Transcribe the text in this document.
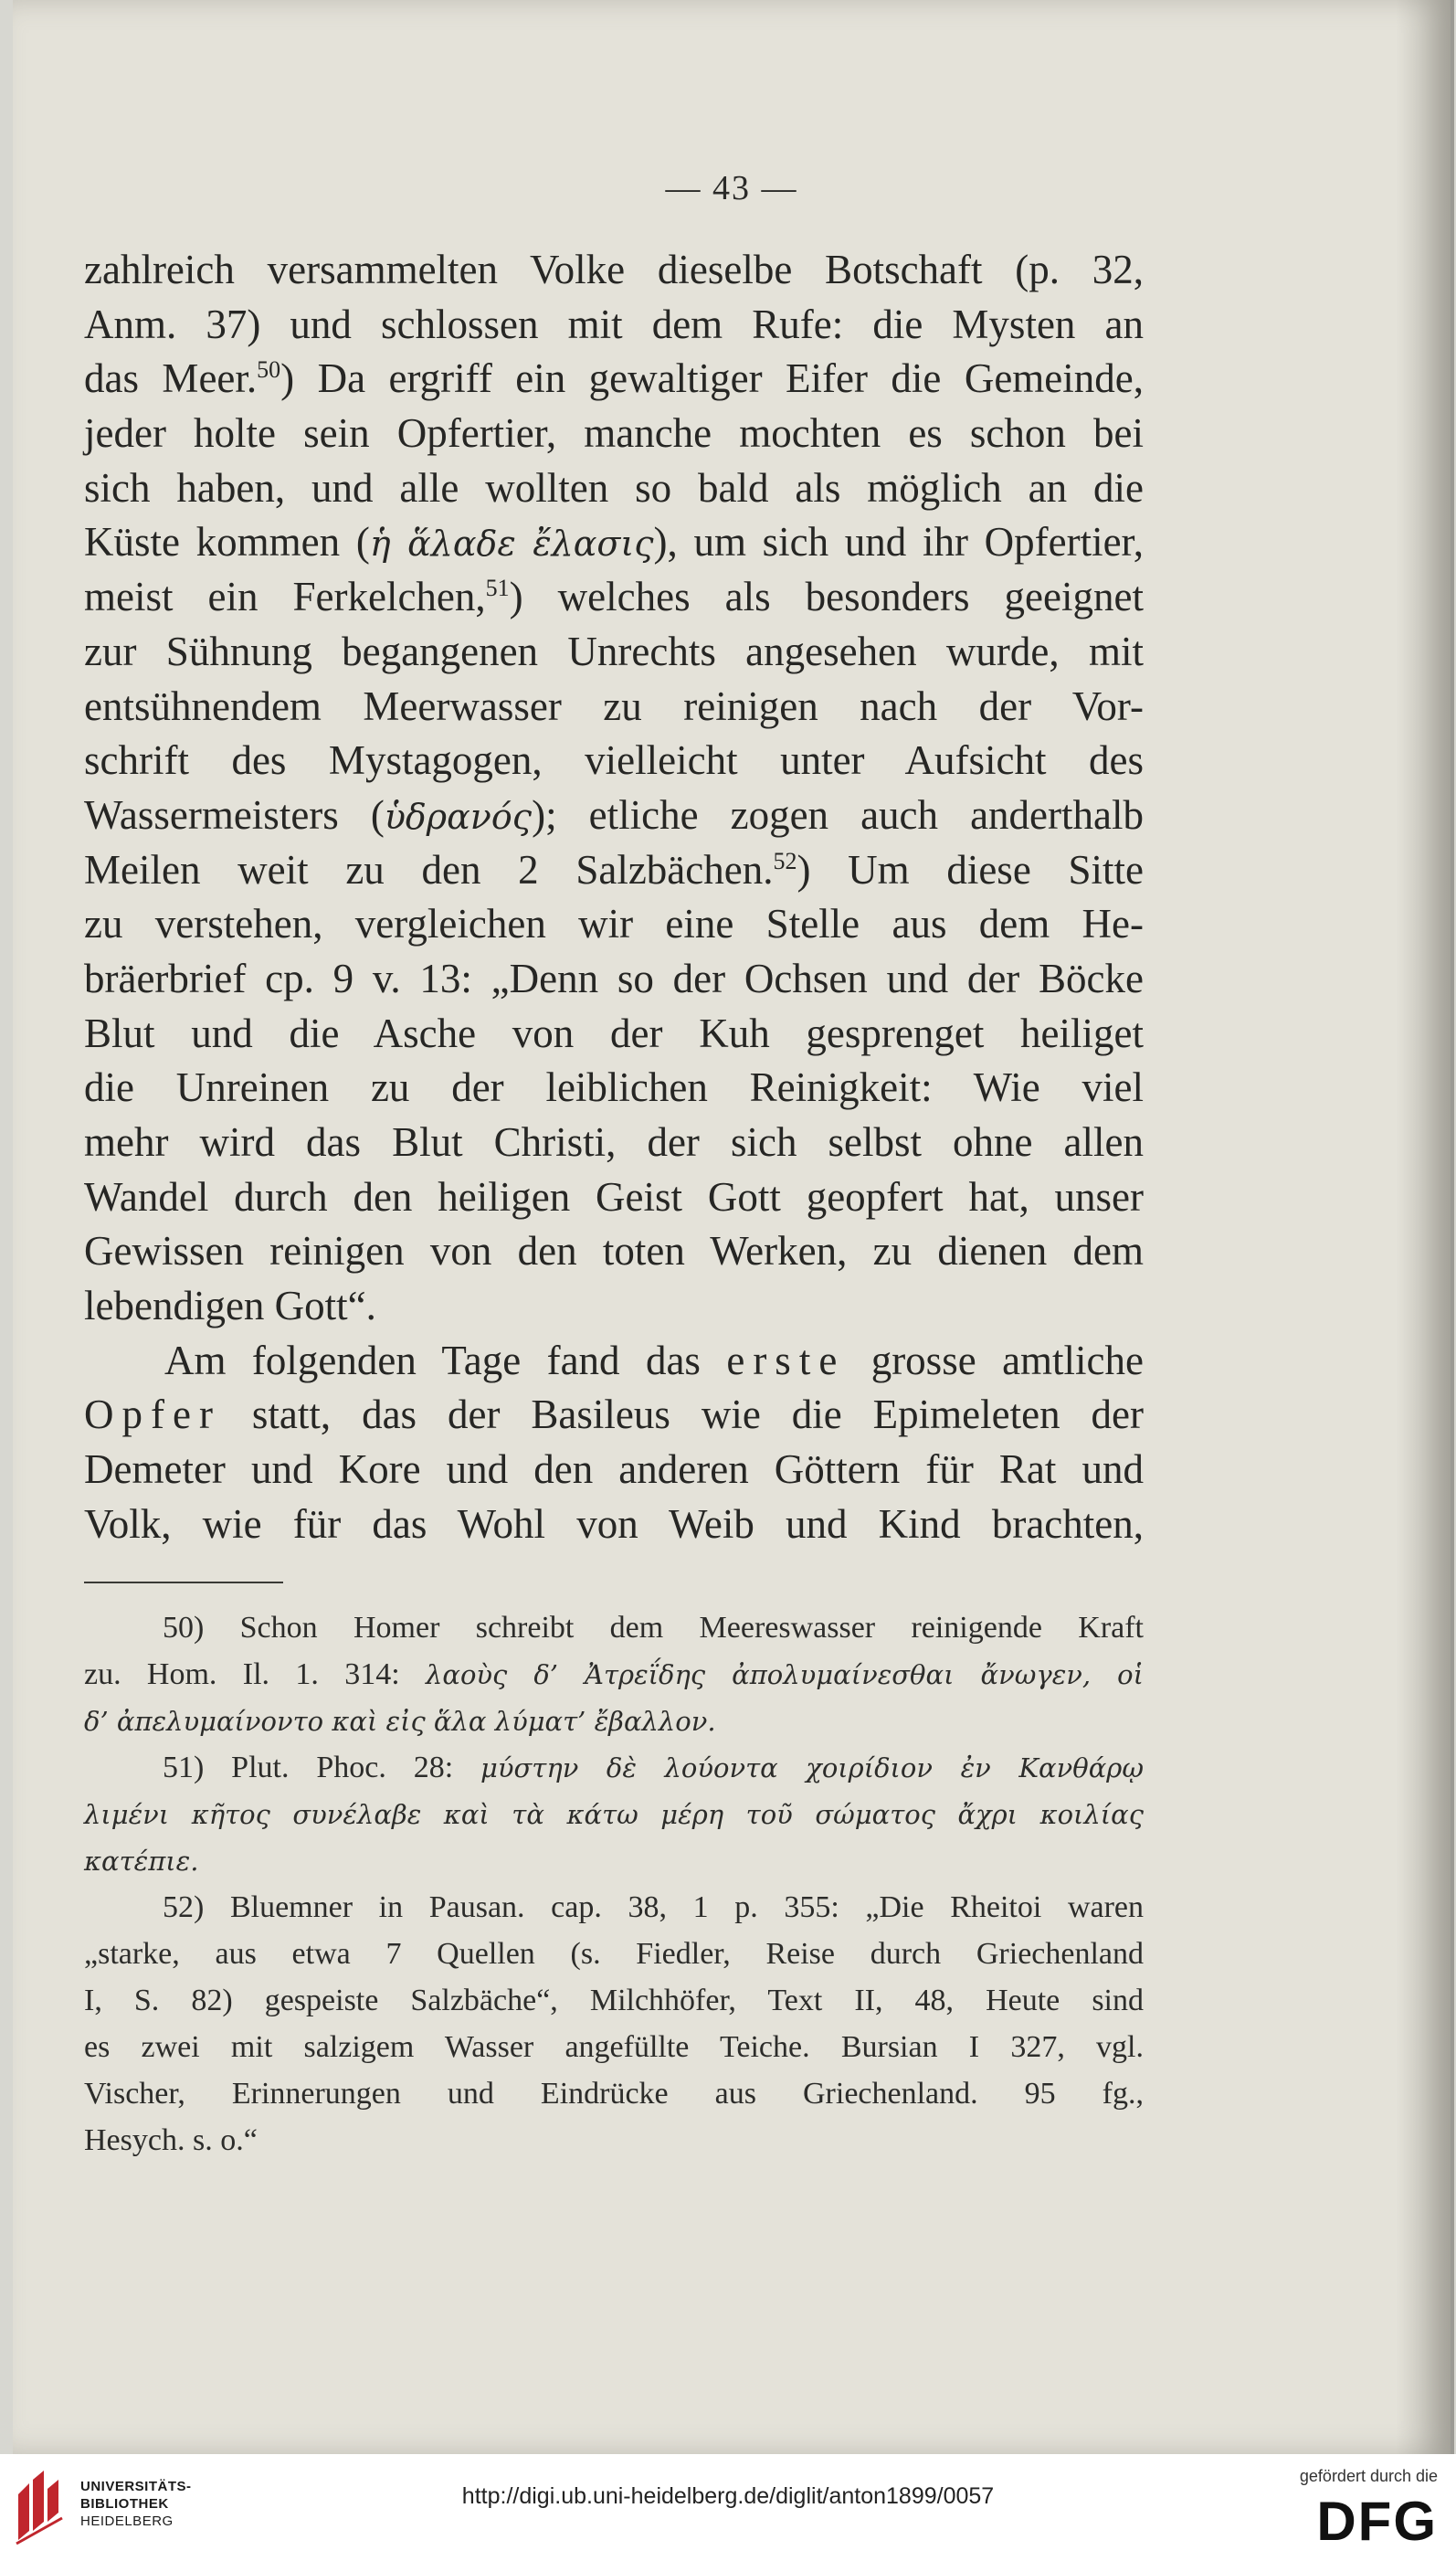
— 43 —
zahlreich versammelten Volke dieselbe Botschaft (p. 32,
Anm. 37) und schlossen mit dem Rufe: die Mysten an
das Meer.$^{50}$) Da ergriff ein gewaltiger Eifer die Gemeinde,
jeder holte sein Opfertier, manche mochten es schon bei
sich haben, und alle wollten so bald als möglich an die
Küste kommen (ἡ ἅλαδε ἔλασις), um sich und ihr Opfertier,
meist ein Ferkelchen,$^{51}$) welches als besonders geeignet
zur Sühnung begangenen Unrechts angesehen wurde, mit
entsühnendem Meerwasser zu reinigen nach der Vor-
schrift des Mystagogen, vielleicht unter Aufsicht des
Wassermeisters (ὑδρανός); etliche zogen auch anderthalb
Meilen weit zu den 2 Salzbächen.$^{52}$) Um diese Sitte
zu verstehen, vergleichen wir eine Stelle aus dem He-
bräerbrief cp. 9 v. 13: „Denn so der Ochsen und der Böcke
Blut und die Asche von der Kuh gesprenget heiliget
die Unreinen zu der leiblichen Reinigkeit: Wie viel
mehr wird das Blut Christi, der sich selbst ohne allen
Wandel durch den heiligen Geist Gott geopfert hat, unser
Gewissen reinigen von den toten Werken, zu dienen dem
lebendigen Gott“.
Am folgenden Tage fand das erste grosse amtliche
Opfer statt, das der Basileus wie die Epimeleten der
Demeter und Kore und den anderen Göttern für Rat und
Volk, wie für das Wohl von Weib und Kind brachten,
50) Schon Homer schreibt dem Meereswasser reinigende Kraft
zu. Hom. Il. 1. 314: λαοὺς δ’ Ἀτρεΐδης ἀπολυμαίνεσθαι ἄνωγεν, οἱ
δ’ ἀπελυμαίνοντο καὶ εἰς ἅλα λύματ’ ἔβαλλον.
51) Plut. Phoc. 28: μύστην δὲ λούοντα χοιρίδιον ἐν Κανθάρῳ
λιμένι κῆτος συνέλαβε καὶ τὰ κάτω μέρη τοῦ σώματος ἄχρι κοιλίας
κατέπιε.
52) Bluemner in Pausan. cap. 38, 1 p. 355: „Die Rheitoi waren
„starke, aus etwa 7 Quellen (s. Fiedler, Reise durch Griechenland
I, S. 82) gespeiste Salzbäche“, Milchhöfer, Text II, 48, Heute sind
es zwei mit salzigem Wasser angefüllte Teiche. Bursian I 327, vgl.
Vischer, Erinnerungen und Eindrücke aus Griechenland. 95 fg.,
Hesych. s. o.“
UNIVERSITÄTS-
BIBLIOTHEK
HEIDELBERG
http://digi.ub.uni-heidelberg.de/diglit/anton1899/0057
gefördert durch die
DFG
